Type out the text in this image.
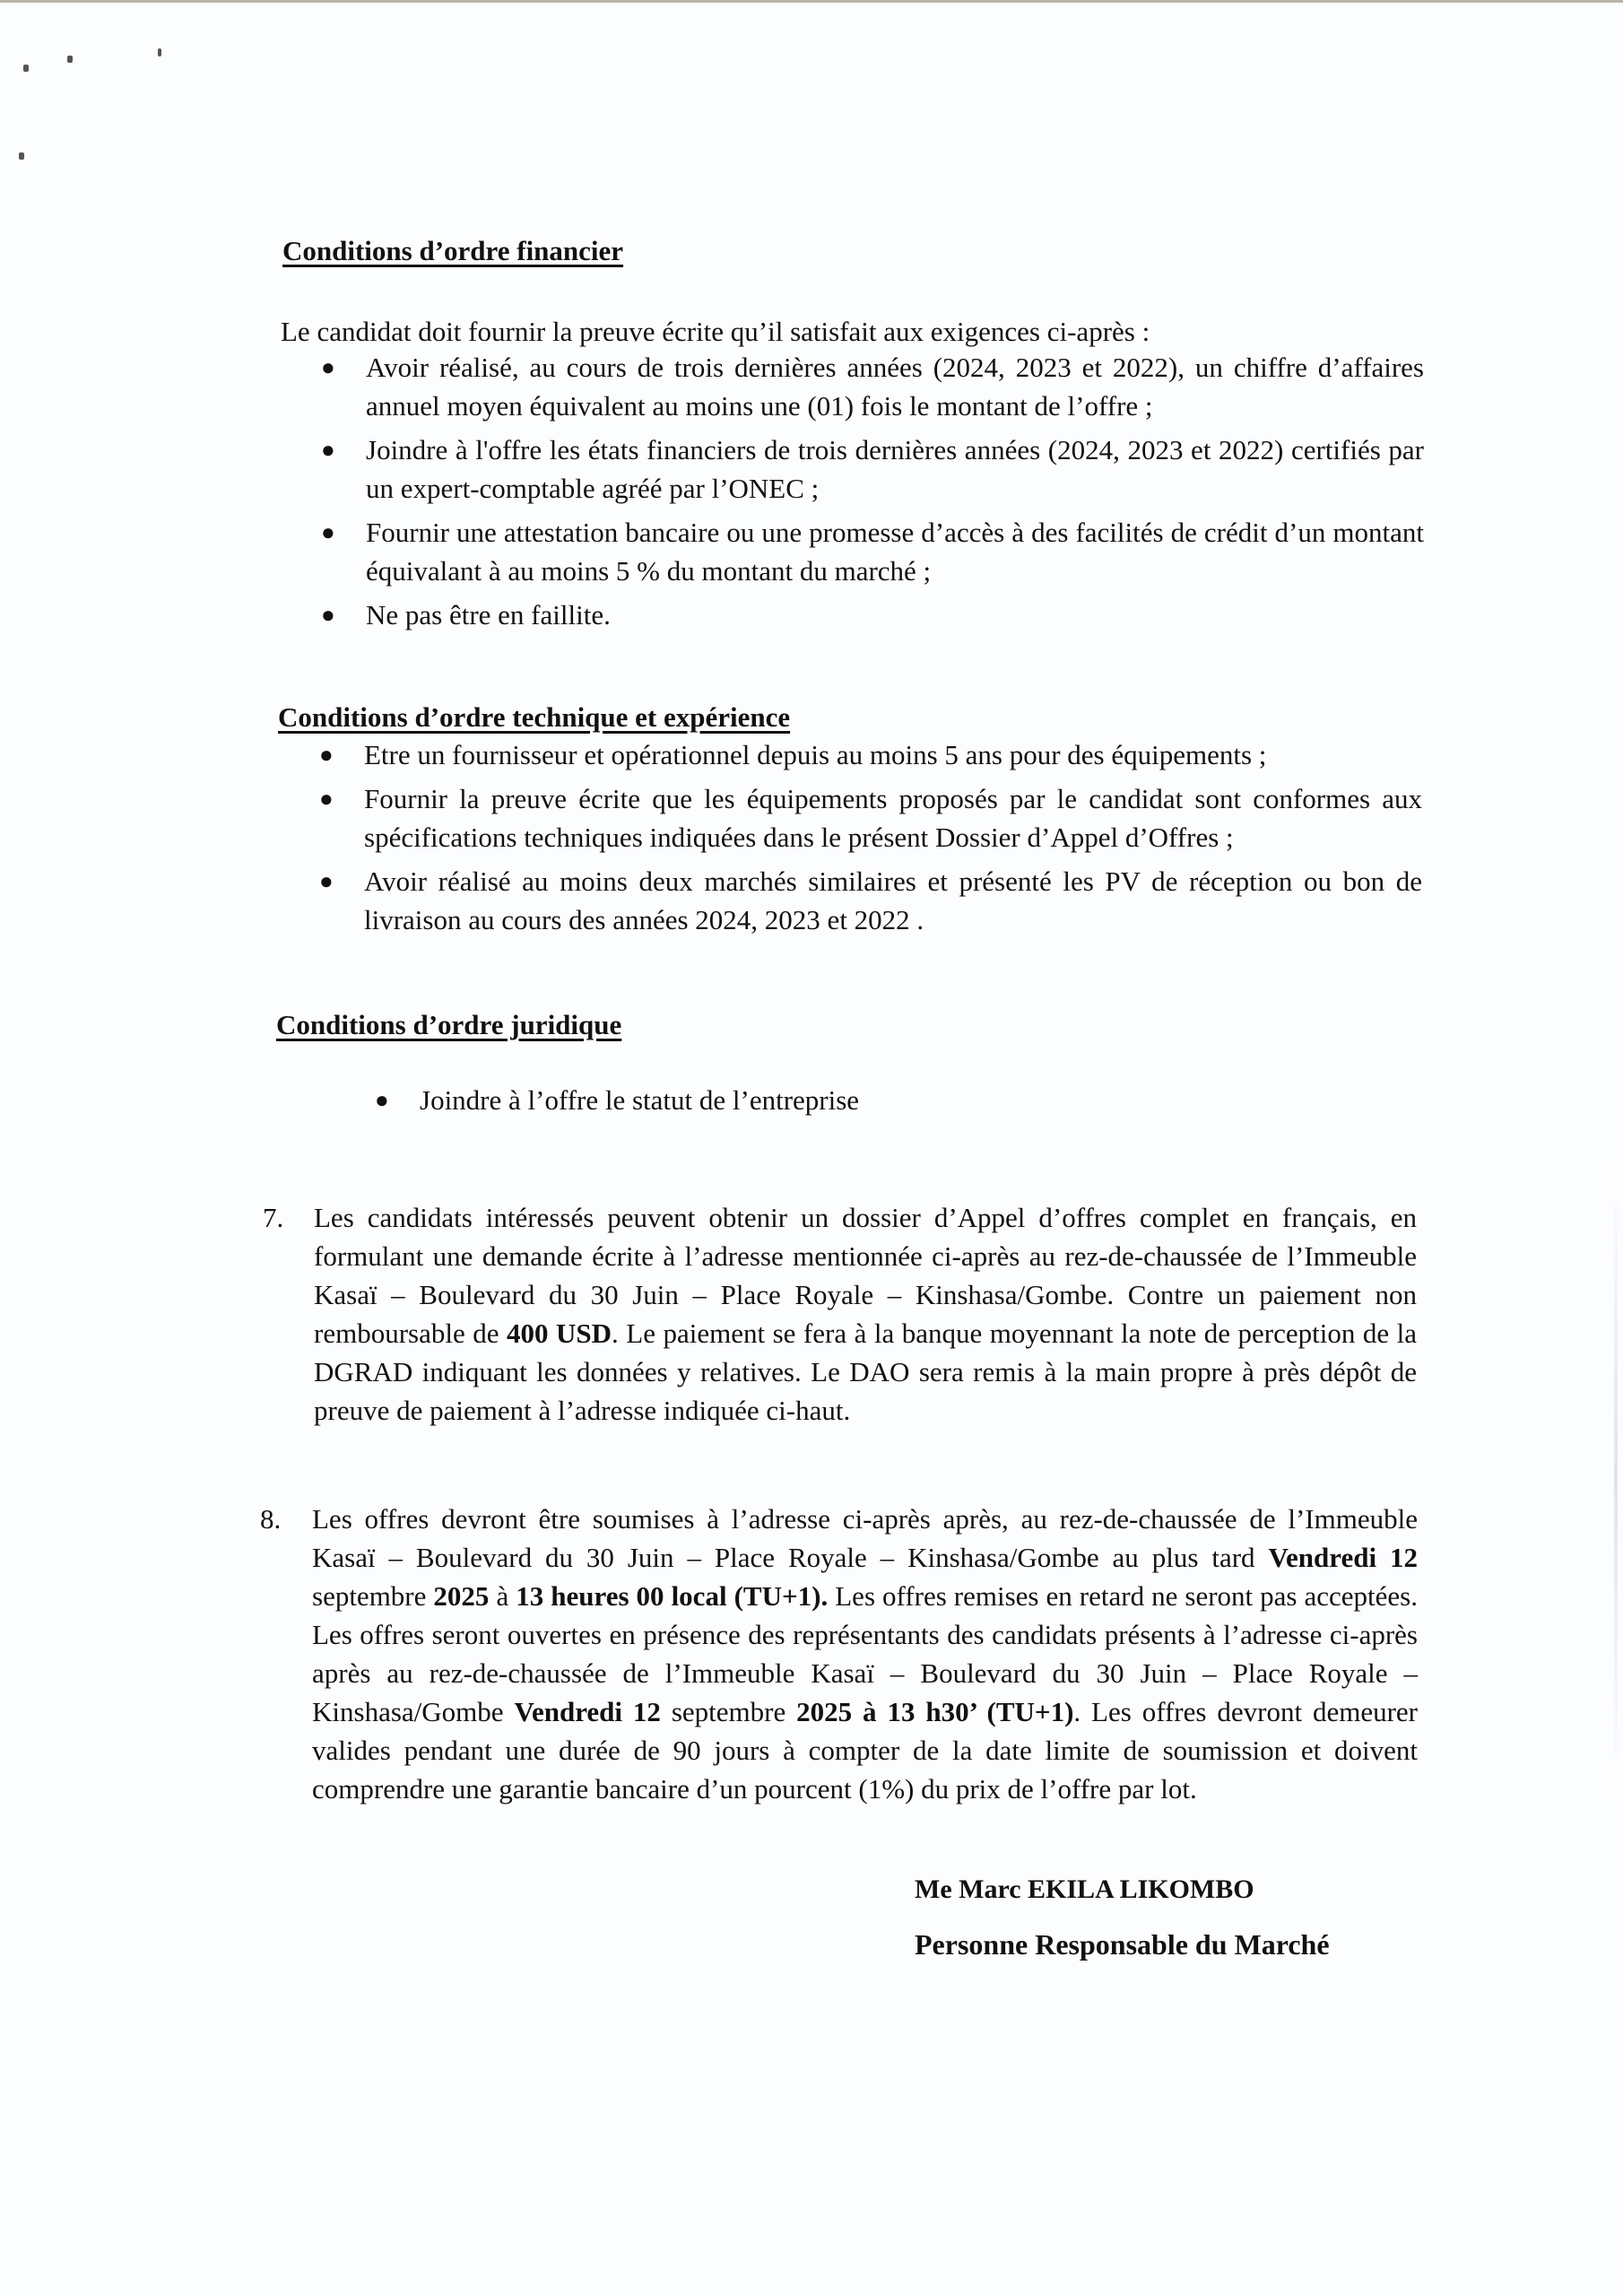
Conditions d’ordre financier
Le candidat doit fournir la preuve écrite qu’il satisfait aux exigences ci-après :
● Avoir réalisé, au cours de trois dernières années (2024, 2023 et 2022), un chiffre d’affaires annuel moyen équivalent au moins une (01) fois le montant de l’offre ;
● Joindre à l'offre les états financiers de trois dernières années (2024, 2023 et 2022) certifiés par un expert-comptable agréé par l’ONEC ;
● Fournir une attestation bancaire ou une promesse d’accès à des facilités de crédit d’un montant équivalant à au moins 5 % du montant du marché ;
● Ne pas être en faillite.
Conditions d’ordre technique et expérience
● Etre un fournisseur et opérationnel depuis au moins 5 ans pour des équipements ;
● Fournir la preuve écrite que les équipements proposés par le candidat sont conformes aux spécifications techniques indiquées dans le présent Dossier d’Appel d’Offres ;
● Avoir réalisé au moins deux marchés similaires et présenté les PV de réception ou bon de livraison au cours des années 2024, 2023 et 2022 .
Conditions d’ordre juridique
● Joindre à l’offre le statut de l’entreprise
7. Les candidats intéressés peuvent obtenir un dossier d’Appel d’offres complet en français, en formulant une demande écrite à l’adresse mentionnée ci-après au rez-de-chaussée de l’Immeuble Kasaï – Boulevard du 30 Juin – Place Royale – Kinshasa/Gombe. Contre un paiement non remboursable de 400 USD. Le paiement se fera à la banque moyennant la note de perception de la DGRAD indiquant les données y relatives. Le DAO sera remis à la main propre à près dépôt de preuve de paiement à l’adresse indiquée ci-haut.
8. Les offres devront être soumises à l’adresse ci-après après, au rez-de-chaussée de l’Immeuble Kasaï – Boulevard du 30 Juin – Place Royale – Kinshasa/Gombe au plus tard Vendredi 12 septembre 2025 à 13 heures 00 local (TU+1). Les offres remises en retard ne seront pas acceptées. Les offres seront ouvertes en présence des représentants des candidats présents à l’adresse ci-après après au rez-de-chaussée de l’Immeuble Kasaï – Boulevard du 30 Juin – Place Royale – Kinshasa/Gombe Vendredi 12 septembre 2025 à 13 h30’ (TU+1). Les offres devront demeurer valides pendant une durée de 90 jours à compter de la date limite de soumission et doivent comprendre une garantie bancaire d’un pourcent (1%) du prix de l’offre par lot.
Me Marc EKILA LIKOMBO
Personne Responsable du Marché
